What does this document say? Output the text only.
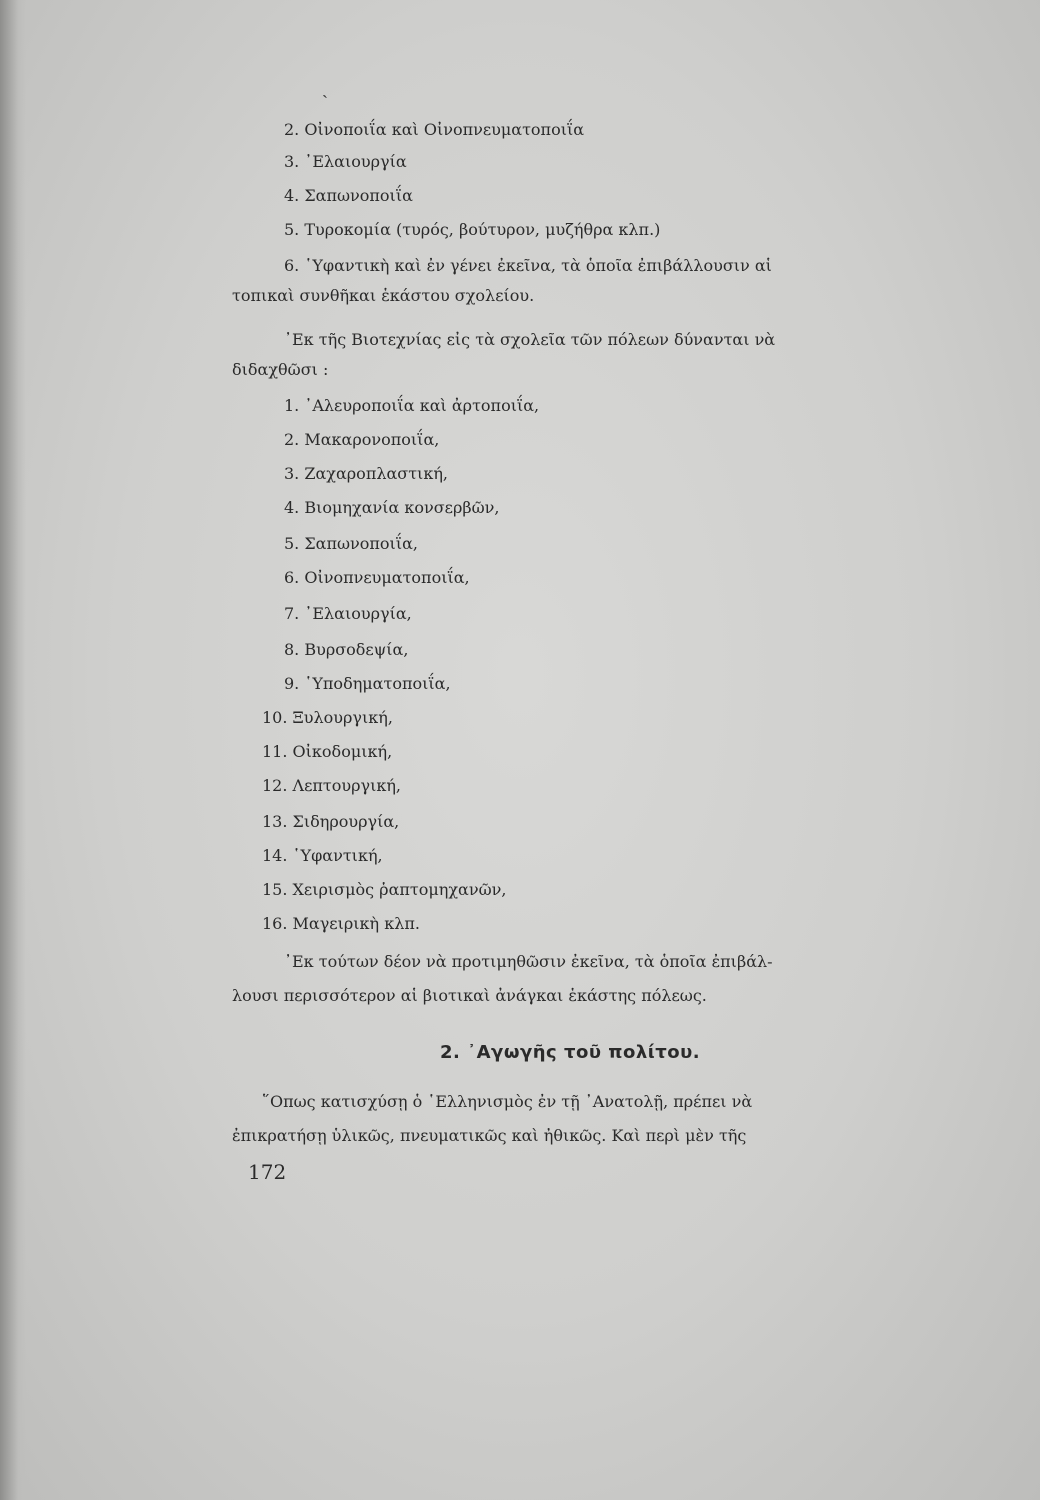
ˏ
2. Οἰνοποιΐα καὶ Οἰνοπνευματοποιΐα
3. ᾿Ελαιουργία
4. Σαπωνοποιΐα
5. Τυροκομία (τυρός, βούτυρον, μυζήθρα κλπ.)
6. ῾Υφαντικὴ καὶ ἐν γένει ἐκεῖνα, τὰ ὁποῖα ἐπιβάλλουσιν αἱ
τοπικαὶ συνθῆκαι ἑκάστου σχολείου.
᾿Εκ τῆς Βιοτεχνίας εἰς τὰ σχολεῖα τῶν πόλεων δύνανται νὰ
διδαχθῶσι :
1. ᾿Αλευροποιΐα καὶ ἀρτοποιΐα,
2. Μακαρονοποιΐα,
3. Ζαχαροπλαστική,
4. Βιομηχανία κονσερβῶν,
5. Σαπωνοποιΐα,
6. Οἰνοπνευματοποιΐα,
7. ᾿Ελαιουργία,
8. Βυρσοδεψία,
9. ῾Υποδηματοποιΐα,
10. Ξυλουργική,
11. Οἰκοδομική,
12. Λεπτουργική,
13. Σιδηρουργία,
14. ῾Υφαντική,
15. Χειρισμὸς ῥαπτομηχανῶν,
16. Μαγειρικὴ κλπ.
᾿Εκ τούτων δέον νὰ προτιμηθῶσιν ἐκεῖνα, τὰ ὁποῖα ἐπιβάλ-
λουσι περισσότερον αἱ βιοτικαὶ ἀνάγκαι ἑκάστης πόλεως.
2. ᾿Αγωγῆς τοῦ πολίτου.
῞Οπως κατισχύσῃ ὁ ῾Ελληνισμὸς ἐν τῇ ᾿Ανατολῇ, πρέπει νὰ
ἐπικρατήσῃ ὑλικῶς, πνευματικῶς καὶ ἠθικῶς. Καὶ περὶ μὲν τῆς
172
